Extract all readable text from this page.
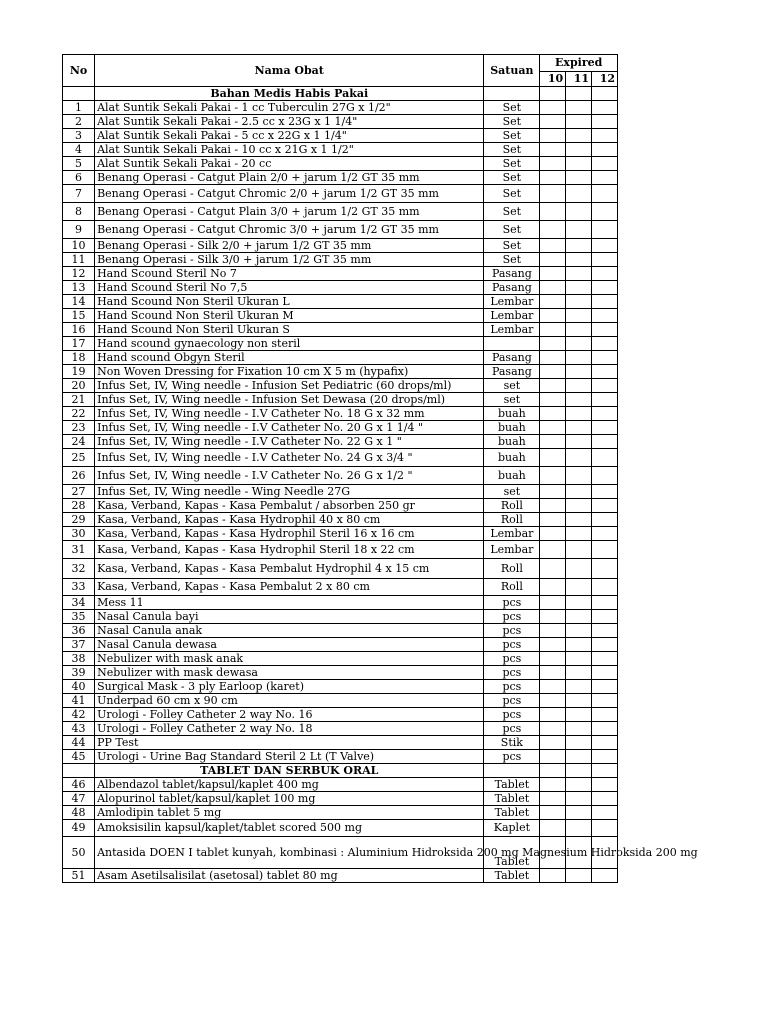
No	Nama Obat	Satuan	Expired		
			10	11	12
	Bahan Medis Habis Pakai				
1	Alat Suntik Sekali Pakai - 1 cc Tuberculin 27G x 1/2"	Set			
2	Alat Suntik Sekali Pakai - 2.5 cc x 23G x 1 1/4"	Set			
3	Alat Suntik Sekali Pakai - 5 cc x 22G x 1 1/4"	Set			
4	Alat Suntik Sekali Pakai - 10 cc x 21G x 1 1/2"	Set			
5	Alat Suntik Sekali Pakai - 20 cc	Set			
6	Benang Operasi - Catgut Plain 2/0 + jarum 1/2 GT 35 mm	Set			
7	Benang Operasi - Catgut Chromic 2/0 + jarum 1/2 GT 35 mm	Set			
8	Benang Operasi - Catgut Plain 3/0 + jarum 1/2 GT 35 mm	Set			
9	Benang Operasi - Catgut Chromic 3/0 + jarum 1/2 GT 35 mm	Set			
10	Benang Operasi - Silk 2/0 + jarum 1/2 GT 35 mm	Set			
11	Benang Operasi - Silk 3/0 + jarum 1/2 GT 35 mm	Set			
12	Hand Scound Steril No 7	Pasang			
13	Hand Scound Steril No 7,5	Pasang			
14	Hand Scound Non Steril Ukuran L	Lembar			
15	Hand Scound Non Steril Ukuran M	Lembar			
16	Hand Scound Non Steril Ukuran S	Lembar			
17	Hand scound gynaecology non steril				
18	Hand scound Obgyn Steril	Pasang			
19	Non Woven Dressing for Fixation 10 cm X 5 m (hypafix)	Pasang			
20	Infus Set, IV, Wing needle - Infusion Set Pediatric (60 drops/ml)	set			
21	Infus Set, IV, Wing needle - Infusion Set Dewasa (20 drops/ml)	set			
22	Infus Set, IV, Wing needle - I.V Catheter No. 18 G x 32 mm	buah			
23	Infus Set, IV, Wing needle - I.V Catheter No. 20 G x 1 1/4 "	buah			
24	Infus Set, IV, Wing needle - I.V Catheter No. 22 G x 1 "	buah			
25	Infus Set, IV, Wing needle - I.V Catheter No. 24 G x 3/4 "	buah			
26	Infus Set, IV, Wing needle - I.V Catheter No. 26 G x 1/2 "	buah			
27	Infus Set, IV, Wing needle - Wing Needle 27G	set			
28	Kasa, Verband, Kapas - Kasa Pembalut / absorben 250 gr	Roll			
29	Kasa, Verband, Kapas - Kasa Hydrophil 40 x 80 cm	Roll			
30	Kasa, Verband, Kapas - Kasa Hydrophil Steril 16 x 16 cm	Lembar			
31	Kasa, Verband, Kapas - Kasa Hydrophil Steril 18 x 22 cm	Lembar			
32	Kasa, Verband, Kapas - Kasa Pembalut Hydrophil 4 x 15 cm	Roll			
33	Kasa, Verband, Kapas - Kasa Pembalut 2 x 80 cm	Roll			
34	Mess 11	pcs			
35	Nasal Canula bayi	pcs			
36	Nasal Canula anak	pcs			
37	Nasal Canula dewasa	pcs			
38	Nebulizer with mask anak	pcs			
39	Nebulizer with mask dewasa	pcs			
40	Surgical Mask - 3 ply Earloop (karet)	pcs			
41	Underpad 60 cm x 90 cm	pcs			
42	Urologi - Folley Catheter 2 way No. 16	pcs			
43	Urologi - Folley Catheter 2 way No. 18	pcs			
44	PP Test	Stik			
45	Urologi - Urine Bag Standard Steril 2 Lt (T Valve)	pcs			
	TABLET DAN SERBUK ORAL				
46	Albendazol tablet/kapsul/kaplet 400 mg	Tablet			
47	Alopurinol tablet/kapsul/kaplet 100 mg	Tablet			
48	Amlodipin tablet 5 mg	Tablet			
49	Amoksisilin kapsul/kaplet/tablet scored 500 mg	Kaplet			
50	Antasida DOEN I tablet kunyah, kombinasi : Aluminium Hidroksida 200 mg Magnesium Hidroksida 200 mg	Tablet			
51	Asam Asetilsalisilat (asetosal) tablet 80 mg	Tablet			
